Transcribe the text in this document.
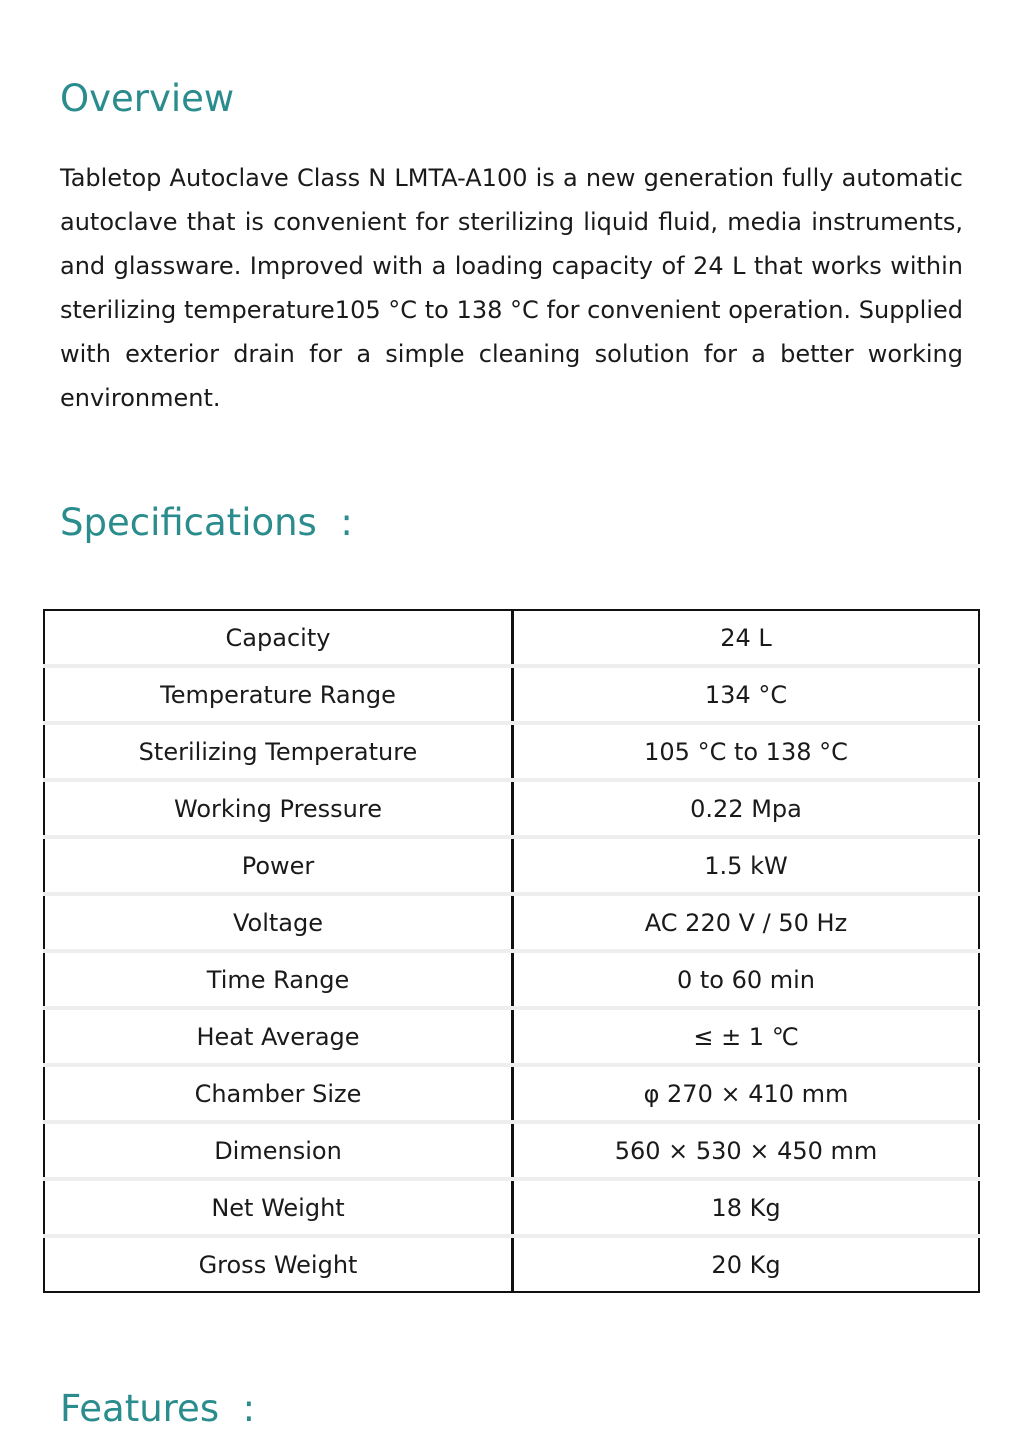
Overview

Tabletop Autoclave Class N LMTA-A100 is a new generation fully automatic autoclave that is convenient for sterilizing liquid fluid, media instruments, and glassware. Improved with a loading capacity of 24 L that works within sterilizing temperature105 °C to 138 °C for convenient operation. Supplied with exterior drain for a simple cleaning solution for a better working environment.

Specifications  :
Capacity	24 L
Temperature Range	134 °C
Sterilizing Temperature	105 °C to 138 °C
Working Pressure	0.22 Mpa
Power	1.5 kW
Voltage	AC 220 V / 50 Hz
Time Range	0 to 60 min
Heat Average	≤ ± 1 ℃
Chamber Size	φ 270 × 410 mm
Dimension	560 × 530 × 450 mm
Net Weight	18 Kg
Gross Weight	20 Kg
Features  :
